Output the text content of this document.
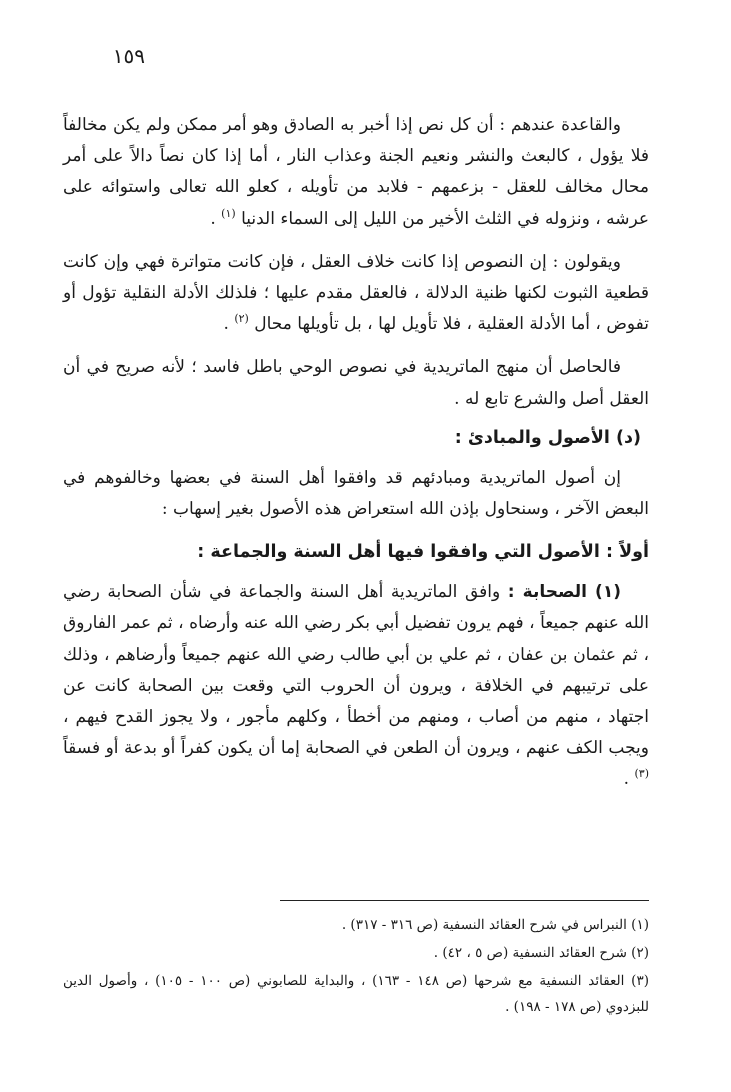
١٥٩

والقاعدة عندهم : أن كل نص إذا أخبر به الصادق وهو أمر ممكن ولم يكن مخالفاً فلا يؤول ، كالبعث والنشر ونعيم الجنة وعذاب النار ، أما إذا كان نصاً دالاً على أمر محال مخالف للعقل - بزعمهم - فلابد من تأويله ، كعلو الله تعالى واستوائه على عرشه ، ونزوله في الثلث الأخير من الليل إلى السماء الدنيا $^{(١)}$ .

ويقولون : إن النصوص إذا كانت خلاف العقل ، فإن كانت متواترة فهي وإن كانت قطعية الثبوت لكنها ظنية الدلالة ، فالعقل مقدم عليها ؛ فلذلك الأدلة النقلية تؤول أو تفوض ، أما الأدلة العقلية ، فلا تأويل لها ، بل تأويلها محال $^{(٢)}$ .

فالحاصل أن منهج الماتريدية في نصوص الوحي باطل فاسد ؛ لأنه صريح في أن العقل أصل والشرع تابع له .

(د) الأصول والمبادئ :

إن أصول الماتريدية ومبادئهم قد وافقوا أهل السنة في بعضها وخالفوهم في البعض الآخر ، وسنحاول بإذن الله استعراض هذه الأصول بغير إسهاب :

أولاً : الأصول التي وافقوا فيها أهل السنة والجماعة :

(١) الصحابة : وافق الماتريدية أهل السنة والجماعة في شأن الصحابة رضي الله عنهم جميعاً ، فهم يرون تفضيل أبي بكر رضي الله عنه وأرضاه ، ثم عمر الفاروق ، ثم عثمان بن عفان ، ثم علي بن أبي طالب رضي الله عنهم جميعاً وأرضاهم ، وذلك على ترتيبهم في الخلافة ، ويرون أن الحروب التي وقعت بين الصحابة كانت عن اجتهاد ، منهم من أصاب ، ومنهم من أخطأ ، وكلهم مأجور ، ولا يجوز القدح فيهم ، ويجب الكف عنهم ، ويرون أن الطعن في الصحابة إما أن يكون كفراً أو بدعة أو فسقاً $^{(٣)}$ .

(١) النبراس في شرح العقائد النسفية (ص ٣١٦ - ٣١٧) .

(٢) شرح العقائد النسفية (ص ٥ ، ٤٢) .

(٣) العقائد النسفية مع شرحها (ص ١٤٨ - ١٦٣) ، والبداية للصابوني (ص ١٠٠ - ١٠٥) ، وأصول الدين للبزدوي (ص ١٧٨ - ١٩٨) .
